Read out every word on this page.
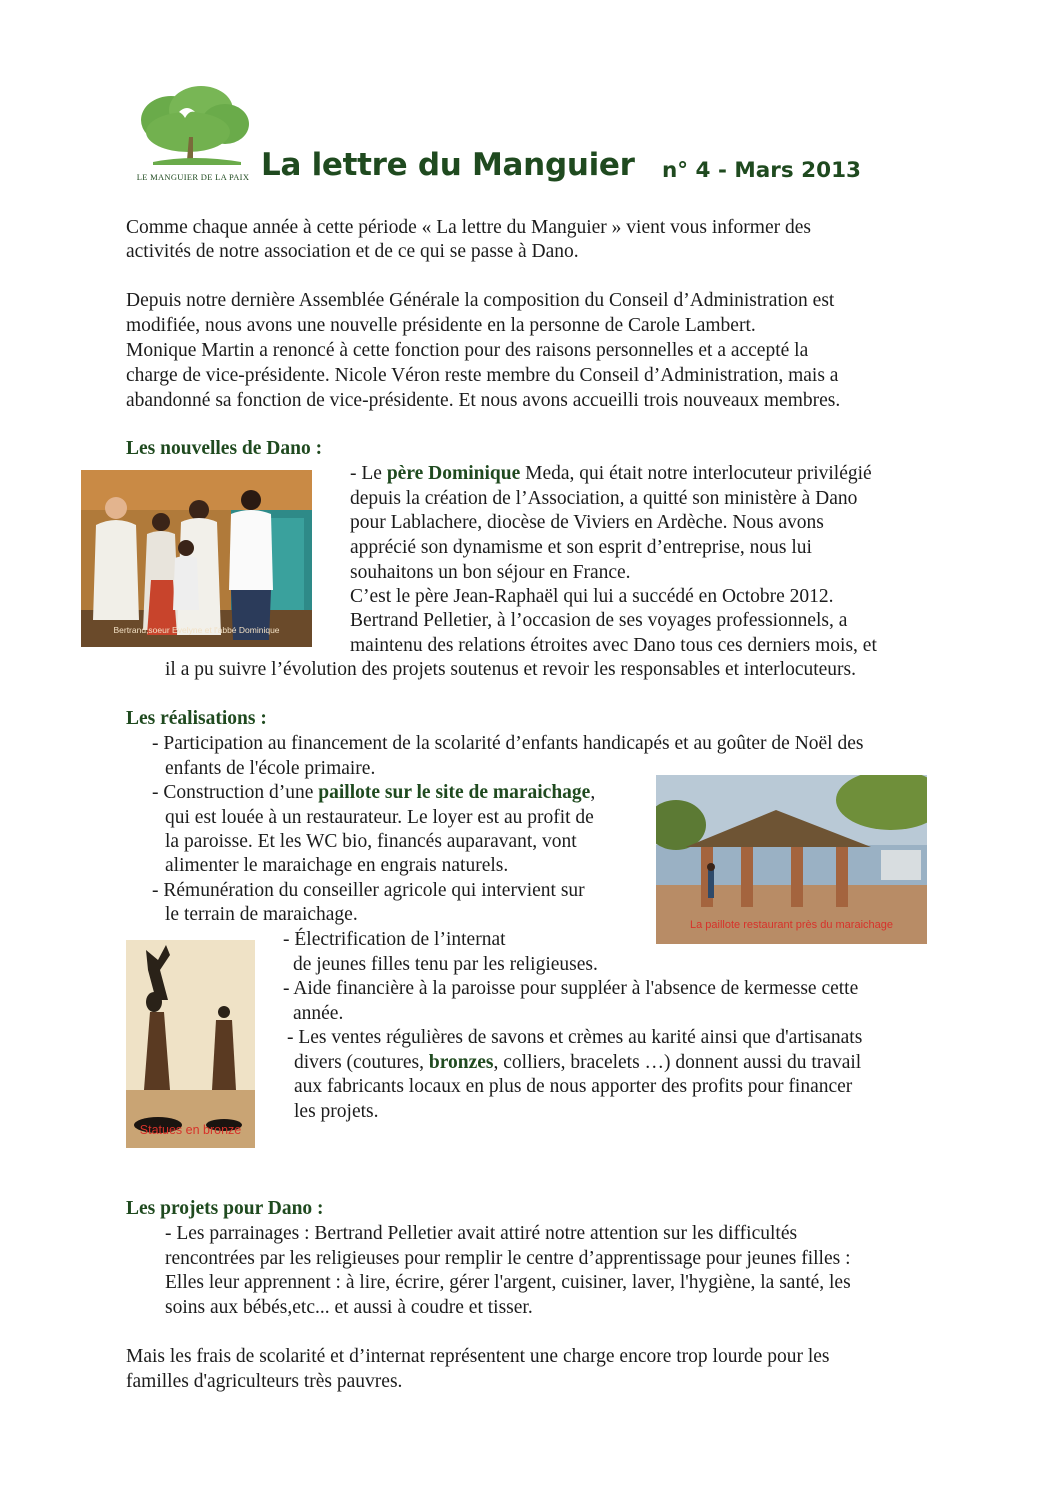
LE MANGUIER DE LA PAIX La lettre du Manguier n° 4 - Mars 2013
Comme chaque année à cette période « La lettre du Manguier » vient vous informer des
activités de notre association et de ce qui se passe à Dano.
Depuis notre dernière Assemblée Générale la composition du Conseil d’Administration est
modifiée, nous avons une nouvelle présidente en la personne de Carole Lambert.
Monique Martin a renoncé à cette fonction pour des raisons personnelles et a accepté la
charge de vice-présidente. Nicole Véron reste membre du Conseil d’Administration, mais a
abandonné sa fonction de vice-présidente. Et nous avons accueilli trois nouveaux membres.
Les nouvelles de Dano :
Bertrand,soeur Evelyne et l'abbé Dominique
- Le père Dominique Meda, qui était notre interlocuteur privilégié
depuis la création de l’Association, a quitté son ministère à Dano
pour Lablachere, diocèse de Viviers en Ardèche. Nous avons
apprécié son dynamisme et son esprit d’entreprise, nous lui
souhaitons un bon séjour en France.
C’est le père Jean-Raphaël qui lui a succédé en Octobre 2012.
Bertrand Pelletier, à l’occasion de ses voyages professionnels, a
maintenu des relations étroites avec Dano tous ces derniers mois, et
il a pu suivre l’évolution des projets soutenus et revoir les responsables et interlocuteurs.
Les réalisations :
- Participation au financement de la scolarité d’enfants handicapés et au goûter de Noël des
enfants de l'école primaire.
- Construction d’une paillote sur le site de maraichage,
qui est louée à un restaurateur. Le loyer est au profit de
la paroisse. Et les WC bio, financés auparavant, vont
alimenter le maraichage en engrais naturels.
- Rémunération du conseiller agricole qui intervient sur
le terrain de maraichage.	La paillote restaurant près du maraichage
Statues en bronze
- Électrification de l’internat
de jeunes filles tenu par les religieuses.
- Aide financière à la paroisse pour suppléer à l'absence de kermesse cette
année.
- Les ventes régulières de savons et crèmes au karité ainsi que d'artisanats
divers (coutures, bronzes, colliers, bracelets …) donnent aussi du travail
aux fabricants locaux en plus de nous apporter des profits pour financer
les projets.
Les projets pour Dano :
- Les parrainages : Bertrand Pelletier avait attiré notre attention sur les difficultés
rencontrées par les religieuses pour remplir le centre d’apprentissage pour jeunes filles :
Elles leur apprennent : à lire, écrire, gérer l'argent, cuisiner, laver, l'hygiène, la santé, les
soins aux bébés,etc... et aussi à coudre et tisser.
Mais les frais de scolarité et d’internat représentent une charge encore trop lourde pour les
familles d'agriculteurs très pauvres.
